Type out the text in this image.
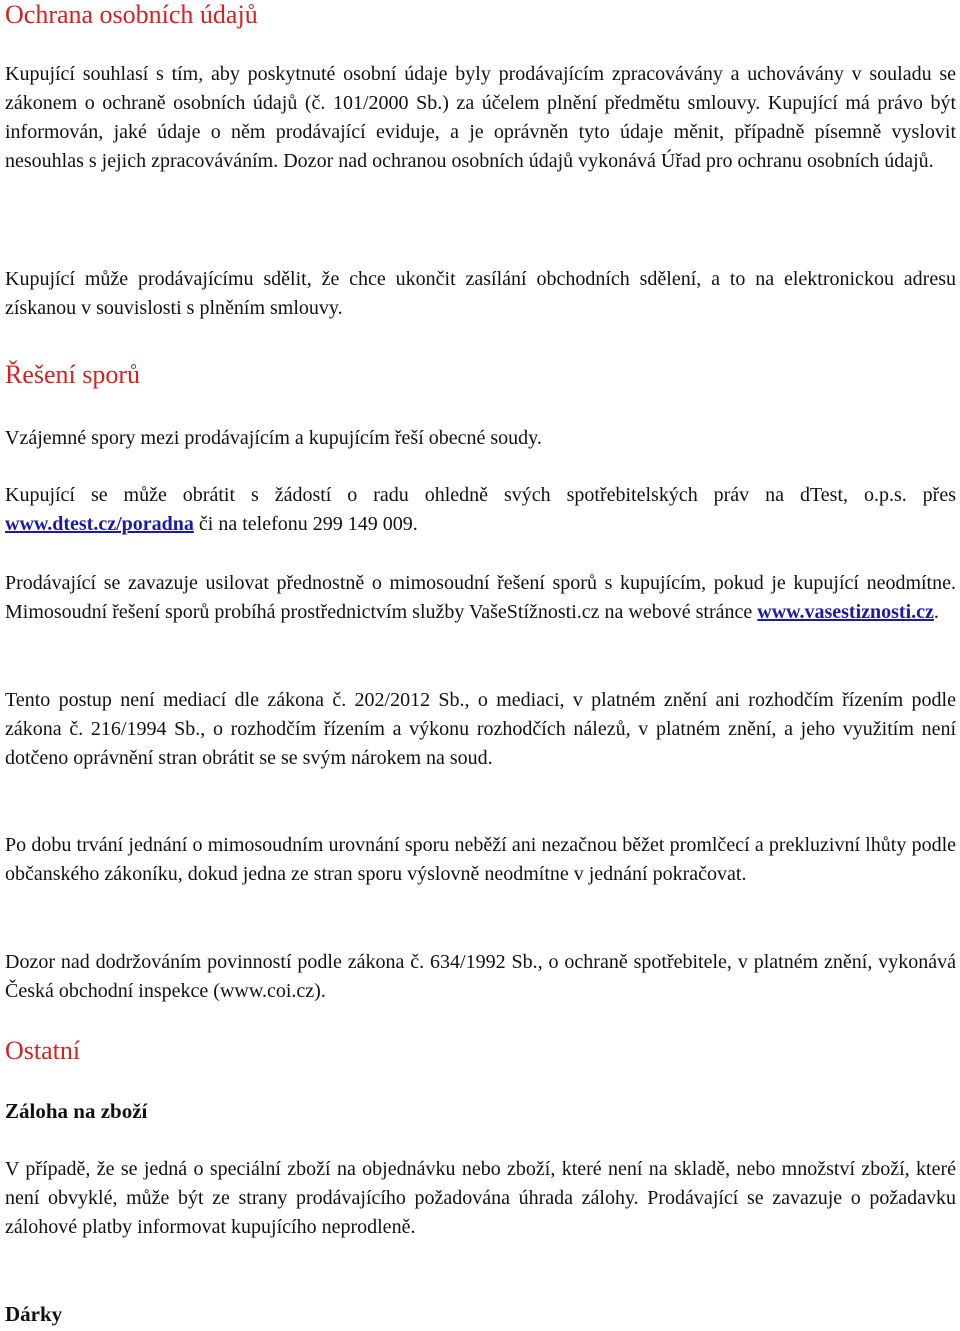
Ochrana osobních údajů

Kupující souhlasí s tím, aby poskytnuté osobní údaje byly prodávajícím zpracovávány a uchovávány v souladu se zákonem o ochraně osobních údajů (č. 101/2000 Sb.) za účelem plnění předmětu smlouvy. Kupující má právo být informován, jaké údaje o něm prodávající eviduje, a je oprávněn tyto údaje měnit, případně písemně vyslovit nesouhlas s jejich zpracováváním. Dozor nad ochranou osobních údajů vykonává Úřad pro ochranu osobních údajů.

Kupující může prodávajícímu sdělit, že chce ukončit zasílání obchodních sdělení, a to na elektronickou adresu získanou v souvislosti s plněním smlouvy.

Řešení sporů

Vzájemné spory mezi prodávajícím a kupujícím řeší obecné soudy.

Kupující se může obrátit s žádostí o radu ohledně svých spotřebitelských práv na dTest, o.p.s. přes www.dtest.cz/poradna či na telefonu 299 149 009.

Prodávající se zavazuje usilovat přednostně o mimosoudní řešení sporů s kupujícím, pokud je kupující neodmítne. Mimosoudní řešení sporů probíhá prostřednictvím služby VašeStížnosti.cz na webové stránce www.vasestiznosti.cz.

Tento postup není mediací dle zákona č. 202/2012 Sb., o mediaci, v platném znění ani rozhodčím řízením podle zákona č. 216/1994 Sb., o rozhodčím řízením a výkonu rozhodčích nálezů, v platném znění, a jeho využitím není dotčeno oprávnění stran obrátit se se svým nárokem na soud.

Po dobu trvání jednání o mimosoudním urovnání sporu neběží ani nezačnou běžet promlčecí a prekluzivní lhůty podle občanského zákoníku, dokud jedna ze stran sporu výslovně neodmítne v jednání pokračovat.

Dozor nad dodržováním povinností podle zákona č. 634/1992 Sb., o ochraně spotřebitele, v platném znění, vykonává Česká obchodní inspekce (www.coi.cz).

Ostatní
Záloha na zboží

V případě, že se jedná o speciální zboží na objednávku nebo zboží, které není na skladě, nebo množství zboží, které není obvyklé, může být ze strany prodávajícího požadována úhrada zálohy. Prodávající se zavazuje o požadavku zálohové platby informovat kupujícího neprodleně.

Dárky
